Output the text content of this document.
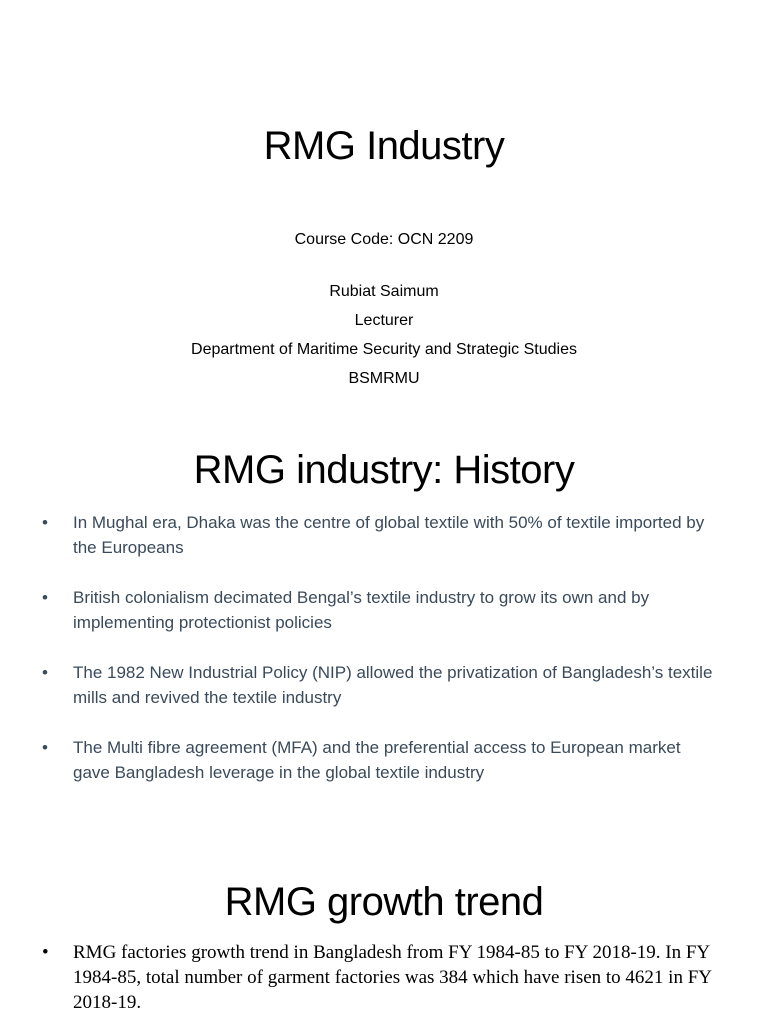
RMG Industry
Course Code: OCN 2209
Rubiat Saimum
Lecturer
Department of Maritime Security and Strategic Studies
BSMRMU
RMG industry: History
•	In Mughal era, Dhaka was the centre of global textile with 50% of textile imported by the Europeans
•	British colonialism decimated Bengal’s textile industry to grow its own and by implementing protectionist policies
•	The 1982 New Industrial Policy (NIP) allowed the privatization of Bangladesh’s textile mills and revived the textile industry
•	The Multi fibre agreement (MFA) and the preferential access to European market gave Bangladesh leverage in the global textile industry
RMG growth trend
• RMG factories growth trend in Bangladesh from FY 1984-85 to FY 2018-19. In FY 1984-85, total number of garment factories was 384 which have risen to 4621 in FY 2018-19.
